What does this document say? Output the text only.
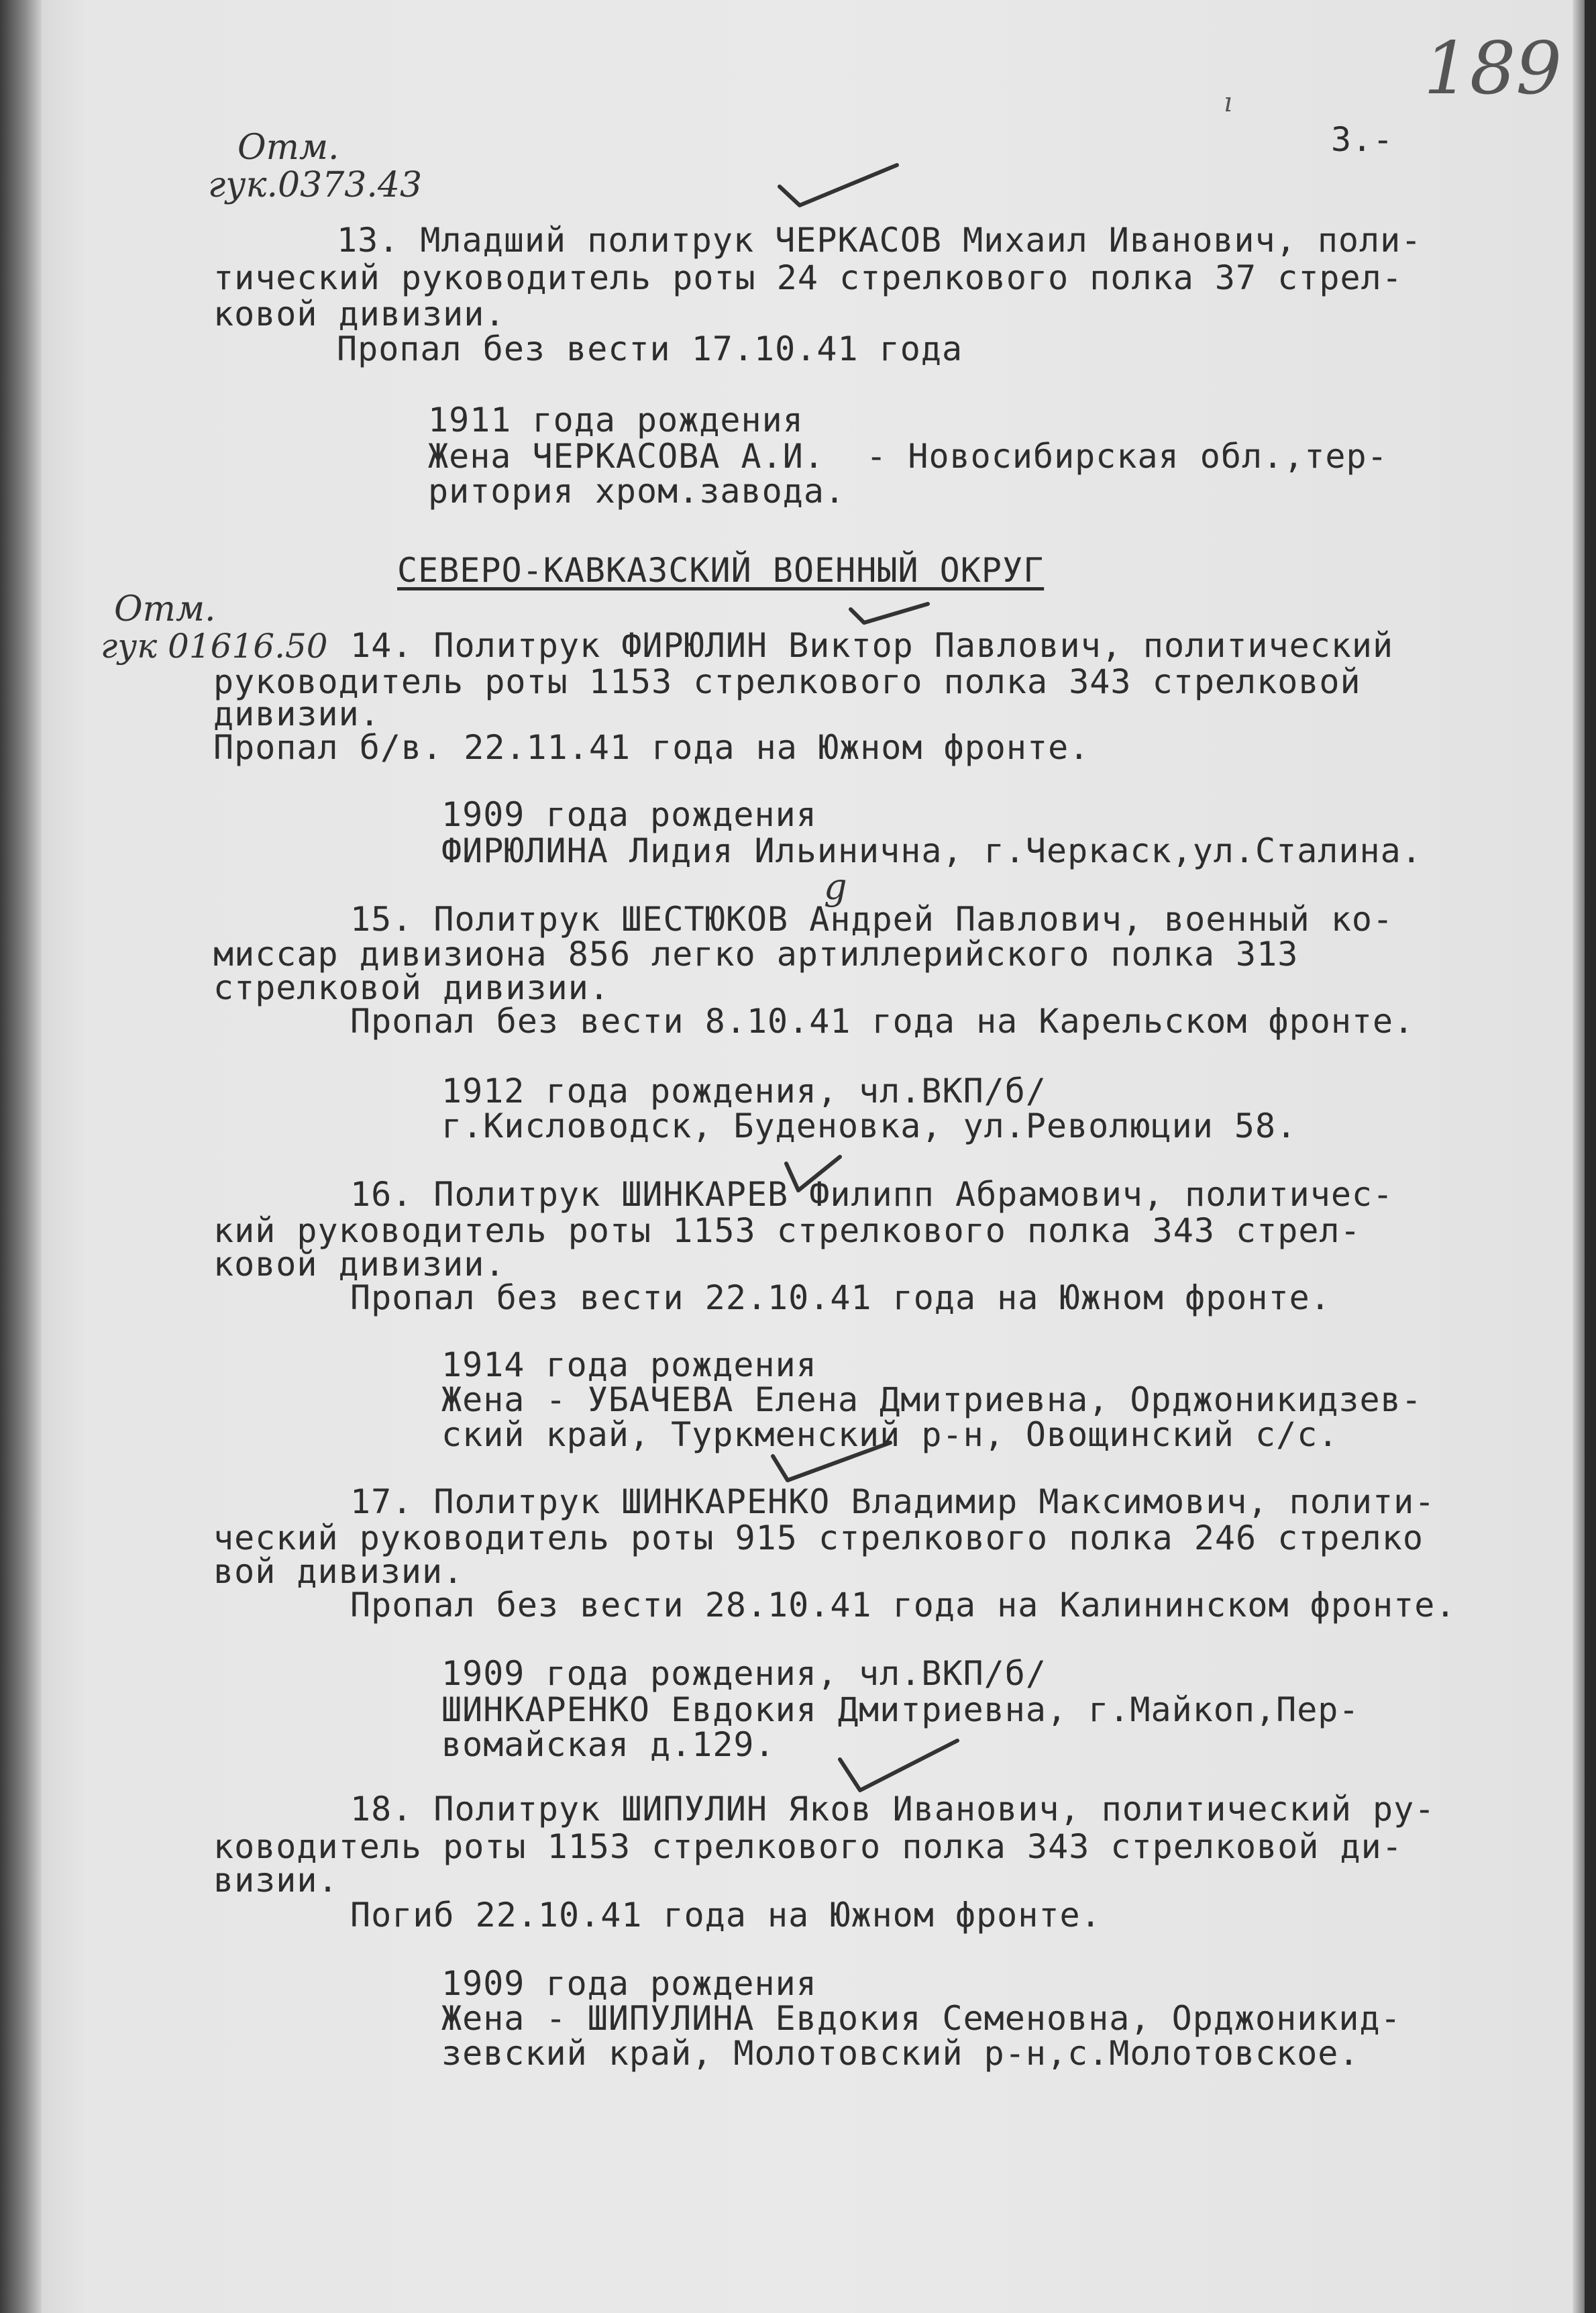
3.-
189
ı
Отм.
гук.0373.43
Отм.
гук 01616.50
g
13. Младший политрук ЧЕРКАСОВ Михаил Иванович, поли-
тический руководитель роты 24 стрелкового полка 37 стрел-
ковой дивизии.
Пропал без вести 17.10.41 года
1911 года рождения
Жена ЧЕРКАСОВА А.И.  - Новосибирская обл.,тер-
ритория хром.завода.
СЕВЕРО-КАВКАЗСКИЙ ВОЕННЫЙ ОКРУГ
14. Политрук ФИРЮЛИН Виктор Павлович, политический
руководитель роты 1153 стрелкового полка 343 стрелковой
дивизии.
Пропал б/в. 22.11.41 года на Южном фронте.
1909 года рождения
ФИРЮЛИНА Лидия Ильинична, г.Черкаск,ул.Сталина.
15. Политрук ШЕСТЮКОВ Андрей Павлович, военный ко-
миссар дивизиона 856 легко артиллерийского полка 313
стрелковой дивизии.
Пропал без вести 8.10.41 года на Карельском фронте.
1912 года рождения, чл.ВКП/б/
г.Кисловодск, Буденовка, ул.Революции 58.
16. Политрук ШИНКАРЕВ Филипп Абрамович, политичес-
кий руководитель роты 1153 стрелкового полка 343 стрел-
ковой дивизии.
Пропал без вести 22.10.41 года на Южном фронте.
1914 года рождения
Жена - УБАЧЕВА Елена Дмитриевна, Орджоникидзев-
ский край, Туркменский р-н, Овощинский с/с.
17. Политрук ШИНКАРЕНКО Владимир Максимович, полити-
ческий руководитель роты 915 стрелкового полка 246 стрелко
вой дивизии.
Пропал без вести 28.10.41 года на Калининском фронте.
1909 года рождения, чл.ВКП/б/
ШИНКАРЕНКО Евдокия Дмитриевна, г.Майкоп,Пер-
вомайская д.129.
18. Политрук ШИПУЛИН Яков Иванович, политический ру-
ководитель роты 1153 стрелкового полка 343 стрелковой ди-
визии.
Погиб 22.10.41 года на Южном фронте.
1909 года рождения
Жена - ШИПУЛИНА Евдокия Семеновна, Орджоникид-
зевский край, Молотовский р-н,с.Молотовское.
